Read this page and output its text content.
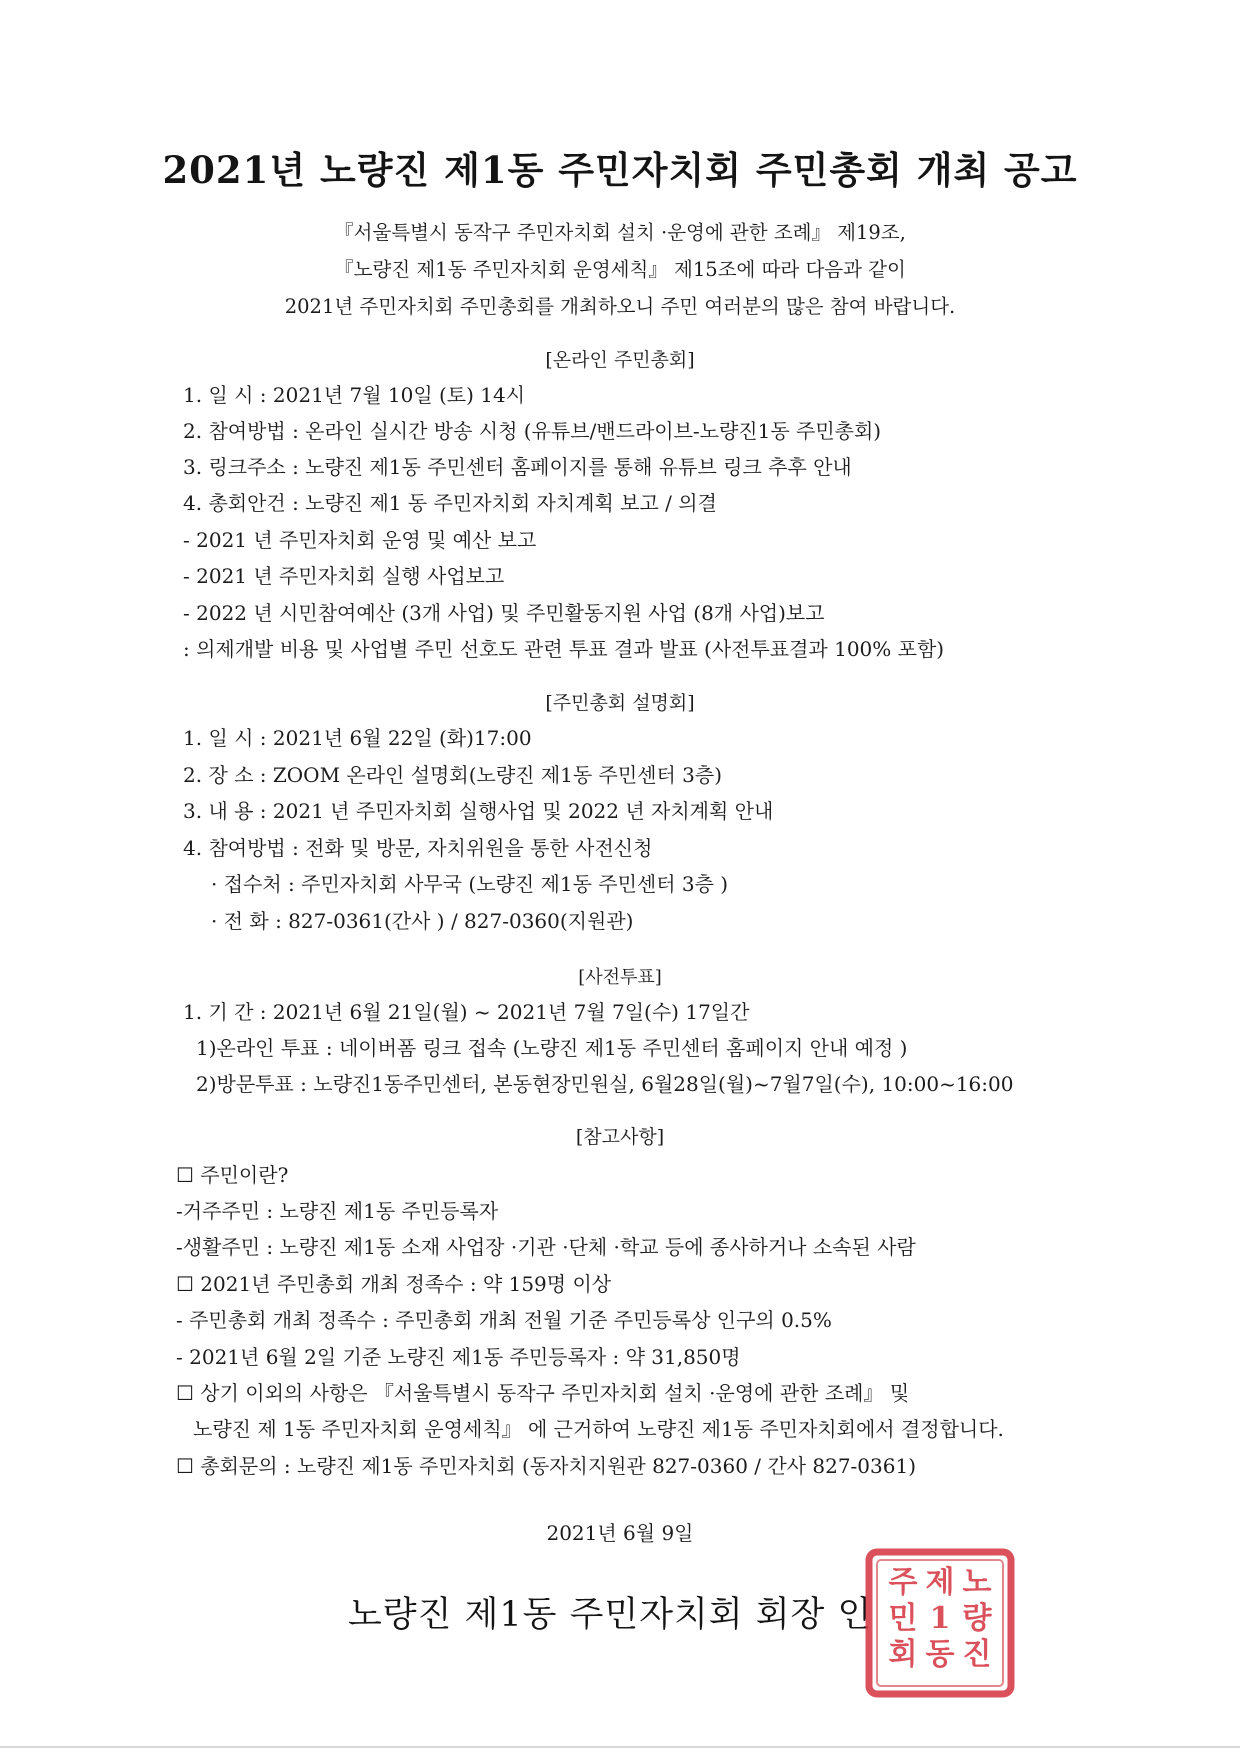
2021년 노량진 제1동 주민자치회 주민총회 개최 공고
『서울특별시 동작구 주민자치회 설치 ·운영에 관한 조례』 제19조,
『노량진 제1동 주민자치회 운영세칙』 제15조에 따라 다음과 같이
2021년 주민자치회 주민총회를 개최하오니 주민 여러분의 많은 참여 바랍니다.
[온라인 주민총회]
1. 일 시 : 2021년 7월 10일 (토) 14시
2. 참여방법 : 온라인 실시간 방송 시청 (유튜브/밴드라이브-노량진1동 주민총회)
3. 링크주소 : 노량진 제1동 주민센터 홈페이지를 통해 유튜브 링크 추후 안내
4. 총회안건 : 노량진 제1 동 주민자치회 자치계획 보고 / 의결
- 2021 년 주민자치회 운영 및 예산 보고
- 2021 년 주민자치회 실행 사업보고
- 2022 년 시민참여예산 (3개 사업) 및 주민활동지원 사업 (8개 사업)보고
: 의제개발 비용 및 사업별 주민 선호도 관련 투표 결과 발표 (사전투표결과 100% 포함)
[주민총회 설명회]
1. 일 시 : 2021년 6월 22일 (화)17:00
2. 장 소 : ZOOM 온라인 설명회(노량진 제1동 주민센터 3층)
3. 내 용 : 2021 년 주민자치회 실행사업 및 2022 년 자치계획 안내
4. 참여방법 : 전화 및 방문, 자치위원을 통한 사전신청
· 접수처 : 주민자치회 사무국 (노량진 제1동 주민센터 3층 )
· 전 화 : 827-0361(간사 ) / 827-0360(지원관)
[사전투표]
1. 기 간 : 2021년 6월 21일(월) ~ 2021년 7월 7일(수) 17일간
1)온라인 투표 : 네이버폼 링크 접속 (노량진 제1동 주민센터 홈페이지 안내 예정 )
2)방문투표 : 노량진1동주민센터, 본동현장민원실, 6월28일(월)~7월7일(수), 10:00~16:00
[참고사항]
☐ 주민이란?
-거주주민 : 노량진 제1동 주민등록자
-생활주민 : 노량진 제1동 소재 사업장 ·기관 ·단체 ·학교 등에 종사하거나 소속된 사람
☐ 2021년 주민총회 개최 정족수 : 약 159명 이상
- 주민총회 개최 정족수 : 주민총회 개최 전월 기준 주민등록상 인구의 0.5%
- 2021년 6월 2일 기준 노량진 제1동 주민등록자 : 약 31,850명
☐ 상기 이외의 사항은 『서울특별시 동작구 주민자치회 설치 ·운영에 관한 조례』 및
노량진 제 1동 주민자치회 운영세칙』 에 근거하여 노량진 제1동 주민자치회에서 결정합니다.
☐ 총회문의 : 노량진 제1동 주민자치회 (동자치지원관 827-0360 / 간사 827-0361)
2021년 6월 9일
노량진 제1동 주민자치회 회장 인
노
량
진
제
1
동
주
민
회
